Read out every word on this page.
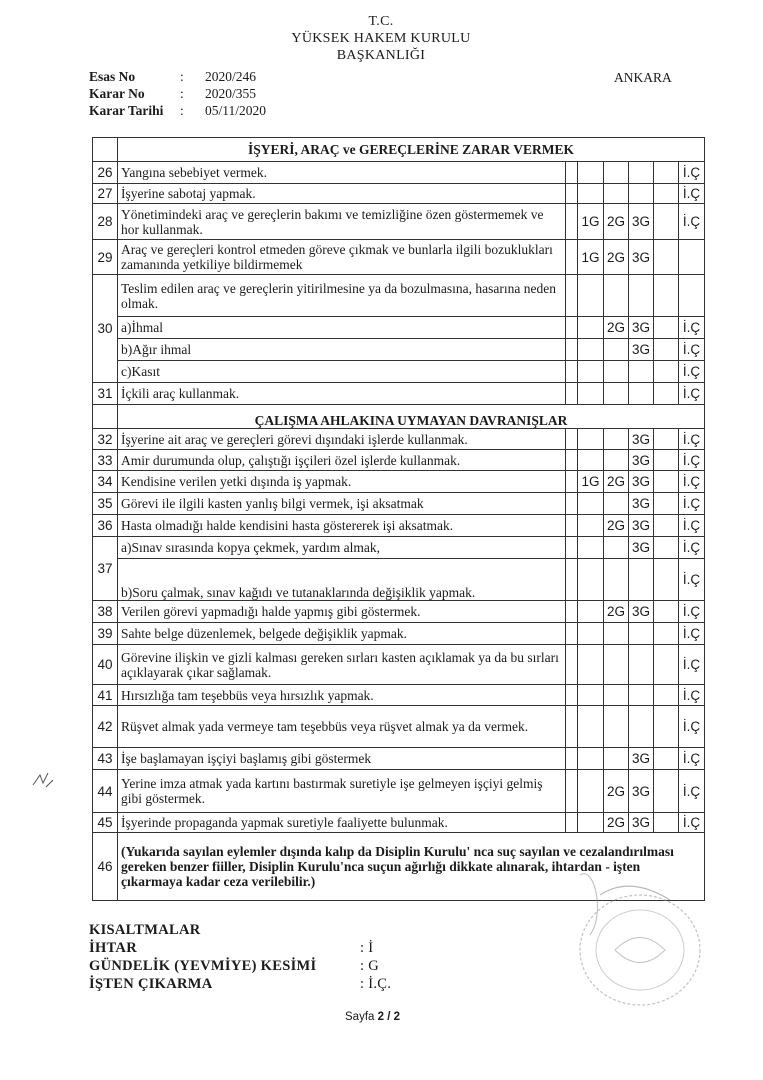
T.C.
YÜKSEK HAKEM KURULU
BAŞKANLIĞI
ANKARA
Esas No	: 2020/246
Karar No	: 2020/355
Karar Tarihi : 05/11/2020
	İŞYERİ, ARAÇ ve GEREÇLERİNE ZARAR VERMEK						
26	Yangına sebebiyet vermek.						İ.Ç
27	İşyerine sabotaj yapmak.						İ.Ç
28	Yönetimindeki araç ve gereçlerin bakımı ve temizliğine özen göstermemek ve hor kullanmak.		1G	2G	3G		İ.Ç
29	Araç ve gereçleri kontrol etmeden göreve çıkmak ve bunlarla ilgili bozuklukları zamanında yetkiliye bildirmemek		1G	2G	3G		
30	Teslim edilen araç ve gereçlerin yitirilmesine ya da bozulmasına, hasarına neden olmak.						
	a)İhmal			2G	3G		İ.Ç
	b)Ağır ihmal				3G		İ.Ç
	c)Kasıt						İ.Ç
31	İçkili araç kullanmak.						İ.Ç
	ÇALIŞMA AHLAKINA UYMAYAN DAVRANIŞLAR						
32	İşyerine ait araç ve gereçleri görevi dışındaki işlerde kullanmak.				3G		İ.Ç
33	Amir durumunda olup, çalıştığı işçileri özel işlerde kullanmak.				3G		İ.Ç
34	Kendisine verilen yetki dışında iş yapmak.		1G	2G	3G		İ.Ç
35	Görevi ile ilgili kasten yanlış bilgi vermek, işi aksatmak				3G		İ.Ç
36	Hasta olmadığı halde kendisini hasta göstererek işi aksatmak.			2G	3G		İ.Ç
37	a)Sınav sırasında kopya çekmek, yardım almak,				3G		İ.Ç
	b)Soru çalmak, sınav kağıdı ve tutanaklarında değişiklik yapmak.						İ.Ç
38	Verilen görevi yapmadığı halde yapmış gibi göstermek.			2G	3G		İ.Ç
39	Sahte belge düzenlemek, belgede değişiklik yapmak.						İ.Ç
40	Görevine ilişkin ve gizli kalması gereken sırları kasten açıklamak ya da bu sırları açıklayarak çıkar sağlamak.						İ.Ç
41	Hırsızlığa tam teşebbüs veya hırsızlık yapmak.						İ.Ç
42	Rüşvet almak yada vermeye tam teşebbüs veya rüşvet almak ya da vermek.						İ.Ç
43	İşe başlamayan işçiyi başlamış gibi göstermek				3G		İ.Ç
44	Yerine imza atmak yada kartını bastırmak suretiyle işe gelmeyen işçiyi gelmiş gibi göstermek.			2G	3G		İ.Ç
45	İşyerinde propaganda yapmak suretiyle faaliyette bulunmak.			2G	3G		İ.Ç
46	(Yukarıda sayılan eylemler dışında kalıp da Disiplin Kurulu' nca suç sayılan ve cezalandırılması gereken benzer fiiller, Disiplin Kurulu'nca suçun ağırlığı dikkate alınarak, ihtardan - işten çıkarmaya kadar ceza verilebilir.)						
KISALTMALAR
İHTAR	: İ
GÜNDELİK (YEVMİYE) KESİMİ	: G
İŞTEN ÇIKARMA	: İ.Ç.
Sayfa 2 / 2
